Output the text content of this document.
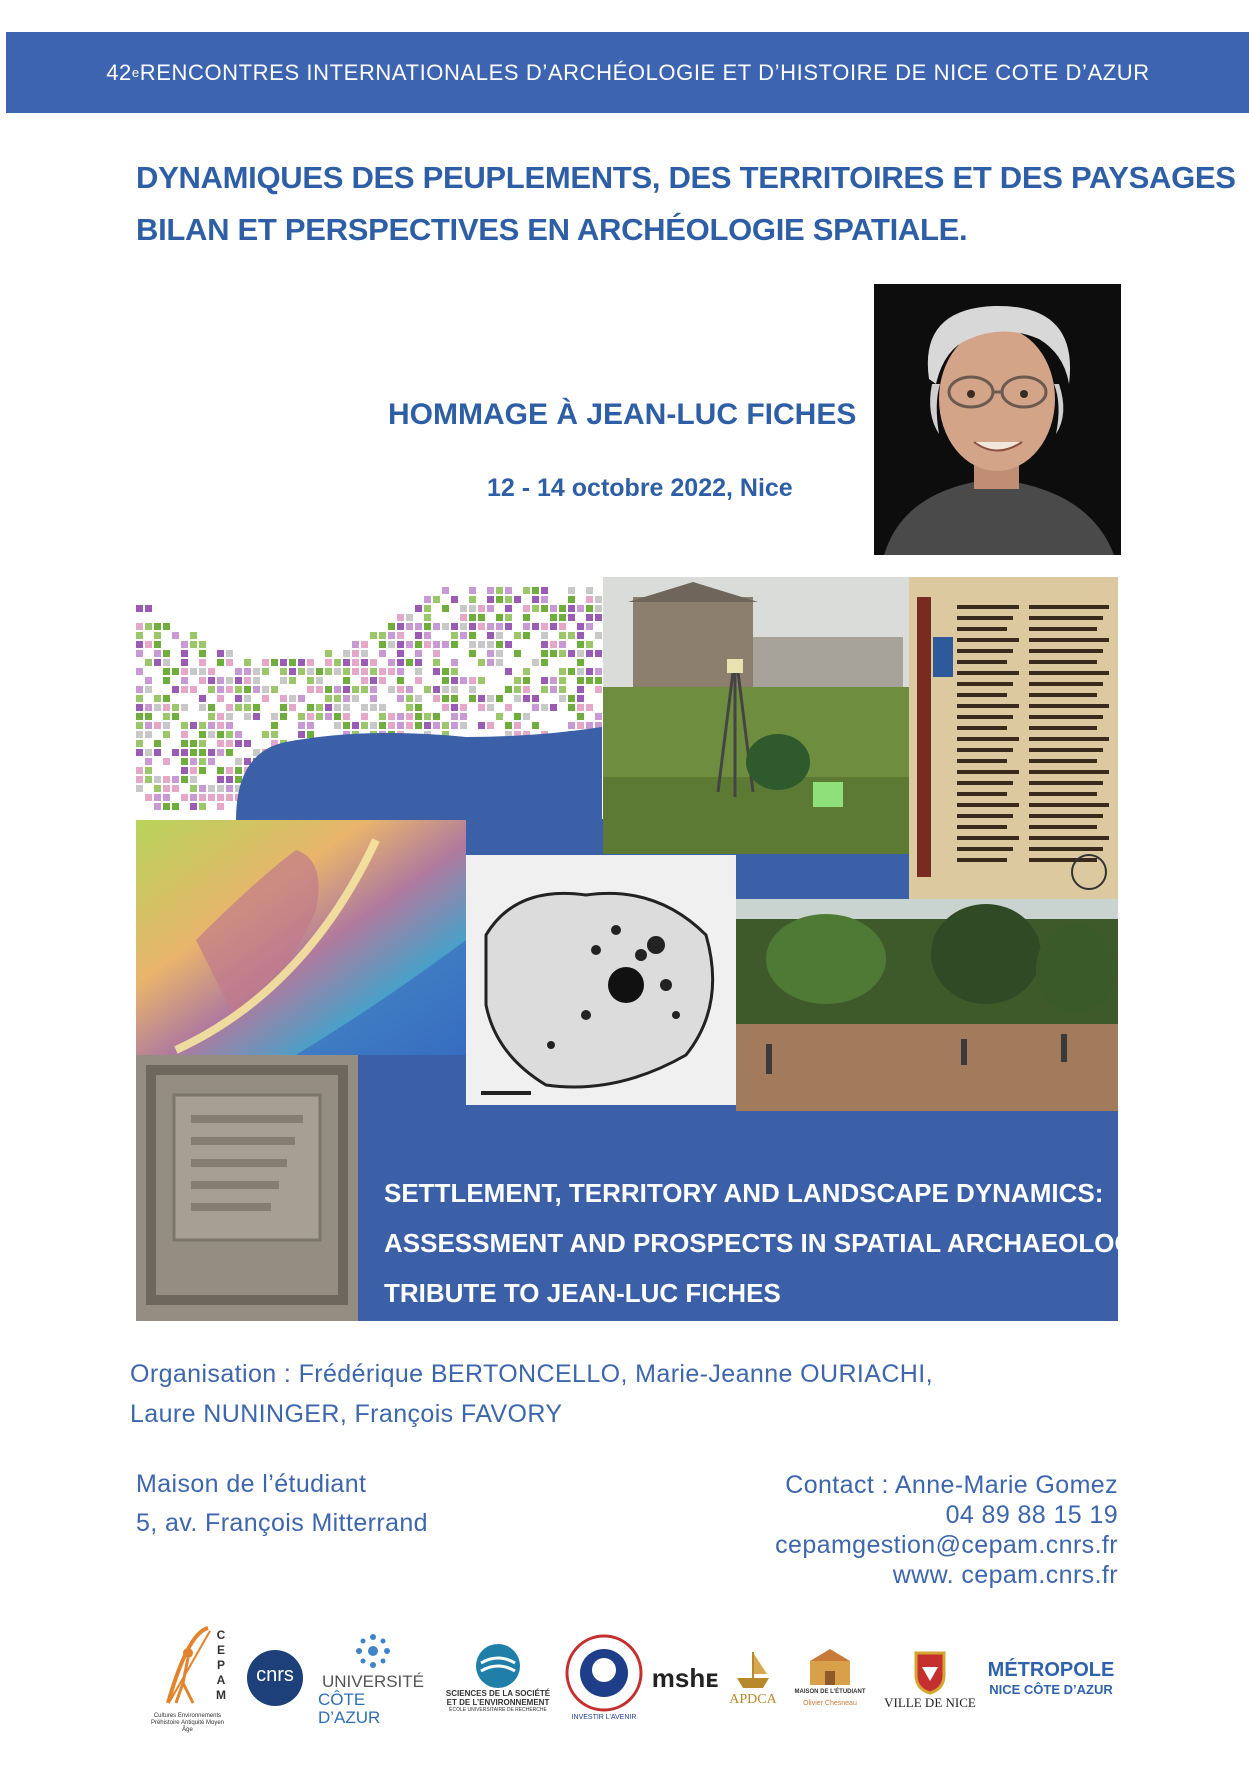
42 e RENCONTRES INTERNATIONALES D’ARCHÉOLOGIE ET D’HISTOIRE DE NICE COTE D’AZUR
DYNAMIQUES DES PEUPLEMENTS, DES TERRITOIRES ET DES PAYSAGES
BILAN ET PERSPECTIVES EN ARCHÉOLOGIE SPATIALE.
HOMMAGE À JEAN-LUC FICHES
12 - 14 octobre 2022, Nice
SETTLEMENT, TERRITORY AND LANDSCAPE DYNAMICS:
ASSESSMENT AND PROSPECTS IN SPATIAL ARCHAEOLOGY.
TRIBUTE TO JEAN-LUC FICHES
Organisation : Frédérique BERTONCELLO, Marie-Jeanne OURIACHI,
Laure NUNINGER, François FAVORY
Maison de l’étudiant
5, av. François Mitterrand
Contact : Anne-Marie Gomez
04 89 88 15 19
cepamgestion@cepam.cnrs.fr
www. cepam.cnrs.fr
CEPAM
Cultures Environnements Préhistoire Antiquité Moyen Âge
cnrs UNIVERSITÉ
CÔTE D’AZUR
SCIENCES DE LA SOCIÉTÉ
ET DE L’ENVIRONNEMENT
ÉCOLE UNIVERSITAIRE DE RECHERCHE
INVESTIR L’AVENIR
mshᴇ
APDCA	MAISON DE L’ÉTUDIANT
Olivier Chesneau VILLE DE NICE
MÉTROPOLE
NICE CÔTE D’AZUR
